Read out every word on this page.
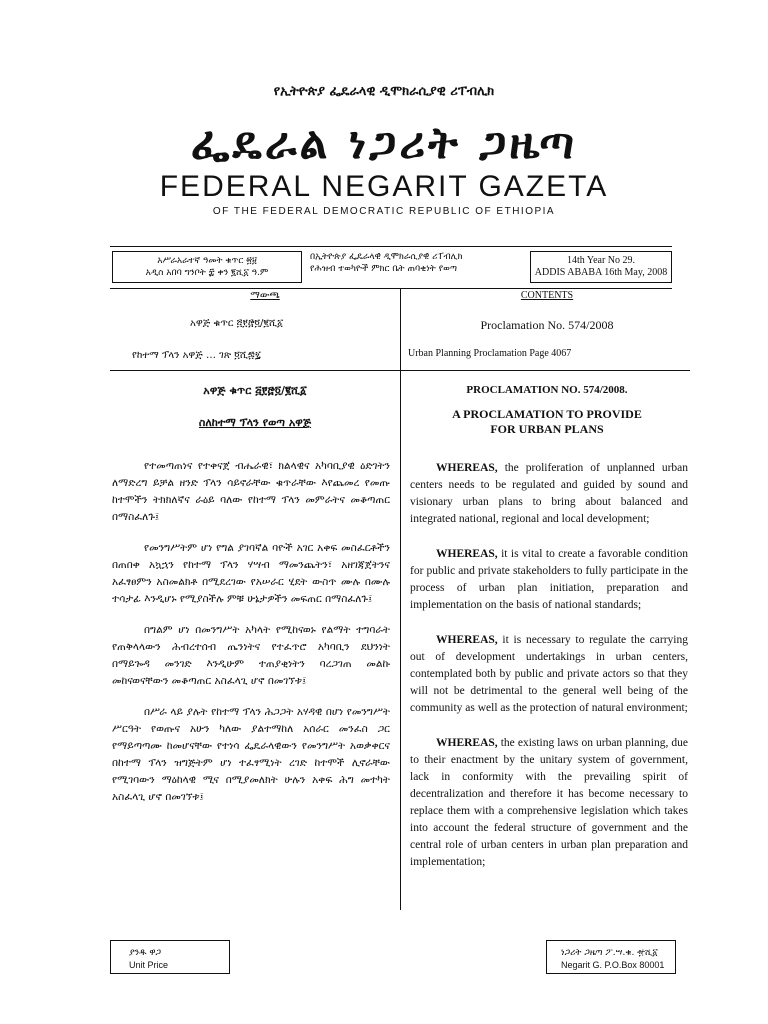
የኢትዮጵያ ፌዴራላዊ ዲሞክራሲያዊ ሪፐብሊክ
ፌዴራል ነጋሪት ጋዜጣ
FEDERAL NEGARIT GAZETA
OF THE FEDERAL DEMOCRATIC REPUBLIC OF ETHIOPIA
አሥራአራተኛ ዓመት ቁጥር ፳፱
አዲስ አበባ ግንቦት ፰ ቀን ፪ሺ፩ ዓ.ም
በኢትዮጵያ ፌዴራላዊ ዲሞክራሲያዊ ሪፐብሊክ
የሕዝብ ተወካዮች ምክር ቤት ጠባቂነት የወጣ
14th Year No 29.
ADDIS ABABA 16th May, 2008
ማውጫ	CONTENTS
አዋጅ ቁጥር ፭፻፸፬/፪ሺ፩
የከተማ ፕላን አዋጅ … ገጽ ፬ሺ፷፯
Proclamation No. 574/2008
Urban Planning Proclamation Page 4067
አዋጅ ቁጥር ፭፻፸፬/፪ሺ፩
ስለከተማ ፕላን የወጣ አዋጅ

የተመጣጠነና የተቀናጀ ብሔራዊ፣ ክልላዊና አካባቢያዊ ዕድገትን ለማድረግ ይቻል ዘንድ ፕላን ሳይኖራቸው ቁጥራቸው እየጨመረ የመጡ ከተሞችን ትክክለኛና ራዕይ ባለው የከተማ ፕላን መምራትና መቆጣጠር በማስፈለጉ፤

የመንግሥትም ሆነ የግል ያገባኛል ባዮች አገር አቀፍ መስፈርቶችን በጠበቀ አኳኋን የከተማ ፕላን ሃሣብ ማመንጨትን፣ አዘገጃጀትንና አፈፃፀምን አስመልክቶ በሚደረገው የአሠራር ሂደት ውስጥ ሙሉ በሙሉ ተሳታፊ እንዲሆኑ የሚያስችሉ ምቹ ሁኔታዎችን መፍጠር በማስፈለጉ፤

በግልም ሆነ በመንግሥት አካላት የሚከናወኑ የልማት ተግባራት የጠቅላላውን ሕብረተሰብ ጤንነትና የተፈጥሮ አካባቢን ደህንነት በማይጐዳ መንገድ እንዲሁም ተጠያቂነትን ባረጋገጠ መልኩ መከናወናቸውን መቆጣጠር አስፈላጊ ሆኖ በመገኘቱ፤

በሥራ ላይ ያሉት የከተማ ፕላን ሕጋጋት አሃዳዊ በሆነ የመንግሥት ሥርዓት የወጡና አሁን ካለው ያልተማከለ አሰራር መንፈስ ጋር የማይጣጣሙ ከመሆናቸው የተነሳ ፌዴራላዊውን የመንግሥት አወቃቀርና በከተማ ፕላን ዝግጅትም ሆነ ተፈፃሚነት ረገድ ከተሞች ሊኖራቸው የሚገባውን ማዕከላዊ ሚና በሚያመለክት ሁሉን አቀፍ ሕግ መተካት አስፈላጊ ሆኖ በመገኘቱ፤

PROCLAMATION NO. 574/2008.
A PROCLAMATION TO PROVIDE
FOR URBAN PLANS

WHEREAS, the proliferation of unplanned urban centers needs to be regulated and guided by sound and visionary urban plans to bring about balanced and integrated national, regional and local development;

WHEREAS, it is vital to create a favorable condition for public and private stakeholders to fully participate in the process of urban plan initiation, preparation and implementation on the basis of national standards;

WHEREAS, it is necessary to regulate the carrying out of development undertakings in urban centers, contemplated both by public and private actors so that they will not be detrimental to the general well being of the community as well as the protection of natural environment;

WHEREAS, the existing laws on urban planning, due to their enactment by the unitary system of government, lack in conformity with the prevailing spirit of decentralization and therefore it has become necessary to replace them with a comprehensive legislation which takes into account the federal structure of government and the central role of urban centers in urban plan preparation and implementation;

ያንዱ ዋጋ
Unit Price
ነጋሪት ጋዜጣ ፖ.ሣ.ቁ. ፹ሺ፩
Negarit G. P.O.Box 80001
